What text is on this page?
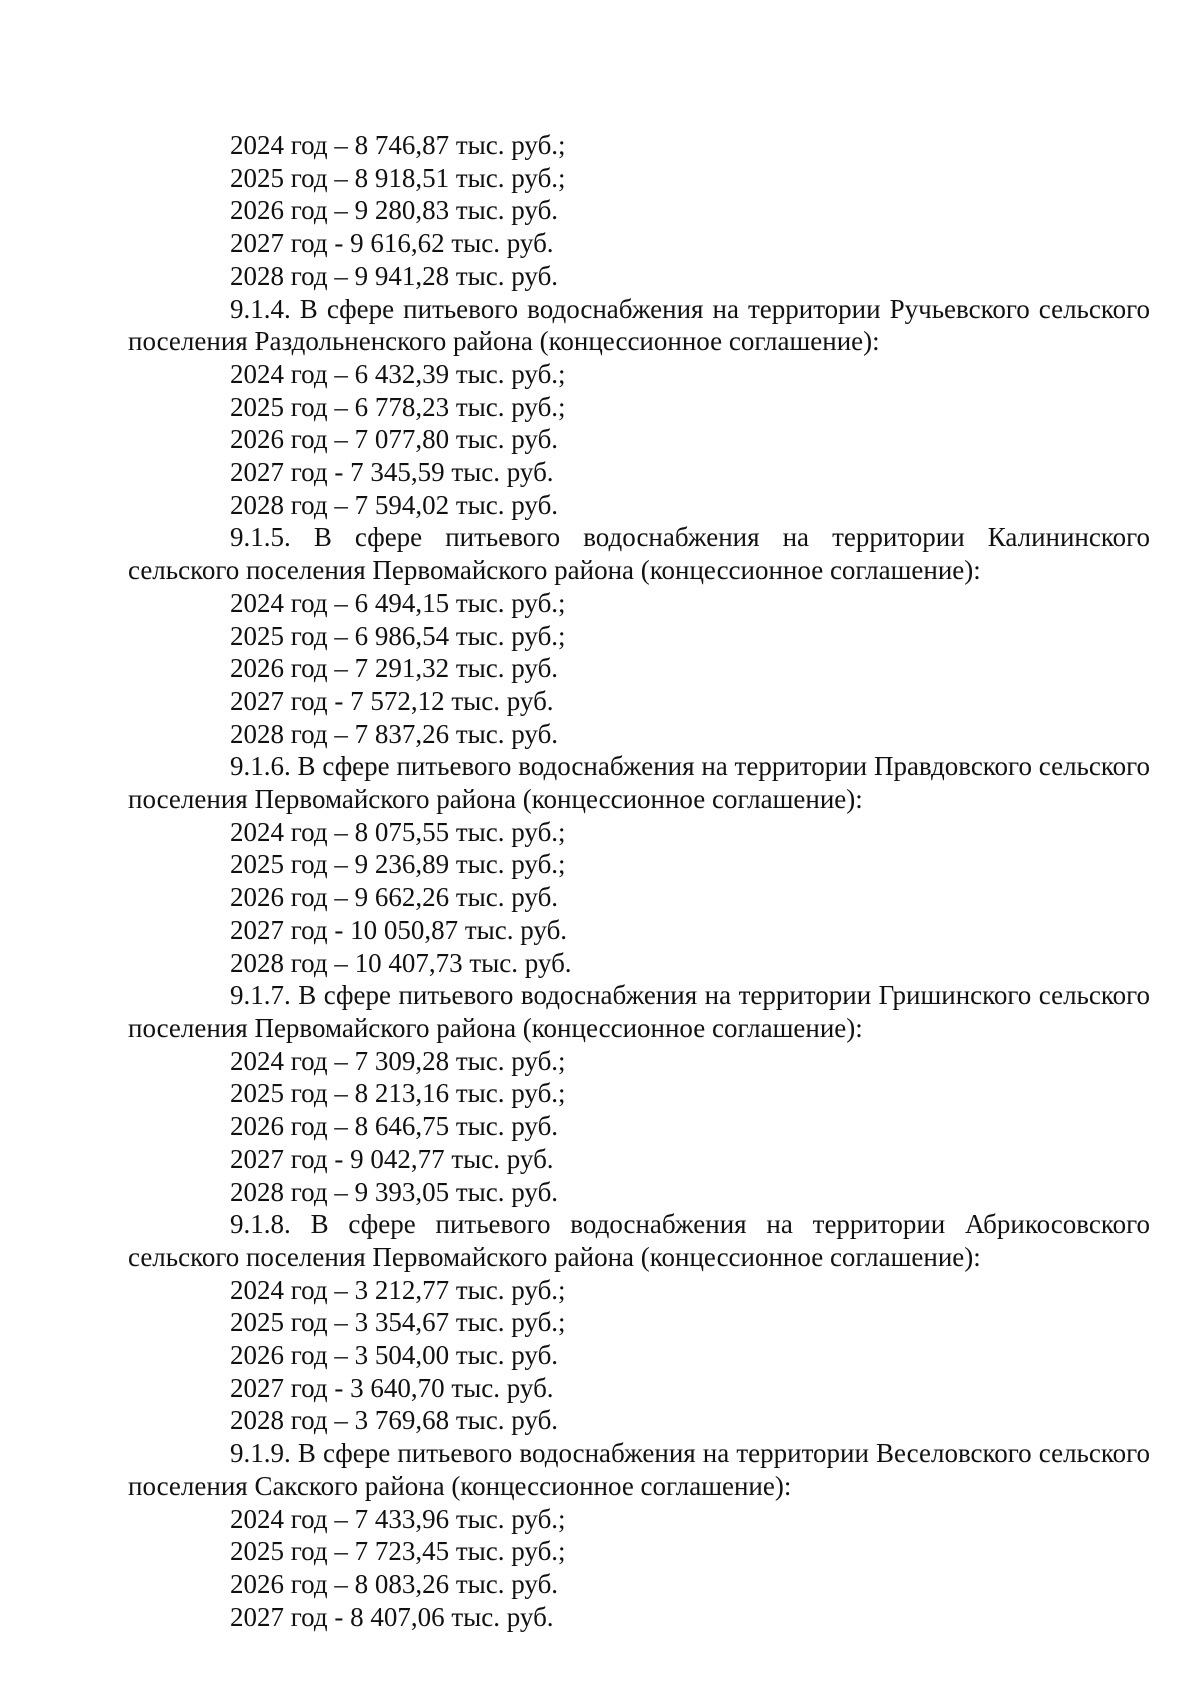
2024 год – 8 746,87 тыс. руб.;
2025 год – 8 918,51 тыс. руб.;
2026 год – 9 280,83 тыс. руб.
2027 год - 9 616,62 тыс. руб.
2028 год – 9 941,28 тыс. руб.
9.1.4. В сфере питьевого водоснабжения на территории Ручьевского сельского поселения Раздольненского района (концессионное соглашение):
2024 год – 6 432,39 тыс. руб.;
2025 год – 6 778,23 тыс. руб.;
2026 год – 7 077,80 тыс. руб.
2027 год - 7 345,59 тыс. руб.
2028 год – 7 594,02 тыс. руб.
9.1.5. В сфере питьевого водоснабжения на территории Калининского сельского поселения Первомайского района (концессионное соглашение):
2024 год – 6 494,15 тыс. руб.;
2025 год – 6 986,54 тыс. руб.;
2026 год – 7 291,32 тыс. руб.
2027 год - 7 572,12 тыс. руб.
2028 год – 7 837,26 тыс. руб.
9.1.6. В сфере питьевого водоснабжения на территории Правдовского сельского поселения Первомайского района (концессионное соглашение):
2024 год – 8 075,55 тыс. руб.;
2025 год – 9 236,89 тыс. руб.;
2026 год – 9 662,26 тыс. руб.
2027 год - 10 050,87 тыс. руб.
2028 год – 10 407,73 тыс. руб.
9.1.7. В сфере питьевого водоснабжения на территории Гришинского сельского поселения Первомайского района (концессионное соглашение):
2024 год – 7 309,28 тыс. руб.;
2025 год – 8 213,16 тыс. руб.;
2026 год – 8 646,75 тыс. руб.
2027 год - 9 042,77 тыс. руб.
2028 год – 9 393,05 тыс. руб.
9.1.8. В сфере питьевого водоснабжения на территории Абрикосовского сельского поселения Первомайского района (концессионное соглашение):
2024 год – 3 212,77 тыс. руб.;
2025 год – 3 354,67 тыс. руб.;
2026 год – 3 504,00 тыс. руб.
2027 год - 3 640,70 тыс. руб.
2028 год – 3 769,68 тыс. руб.
9.1.9. В сфере питьевого водоснабжения на территории Веселовского сельского поселения Сакского района (концессионное соглашение):
2024 год – 7 433,96 тыс. руб.;
2025 год – 7 723,45 тыс. руб.;
2026 год – 8 083,26 тыс. руб.
2027 год - 8 407,06 тыс. руб.
